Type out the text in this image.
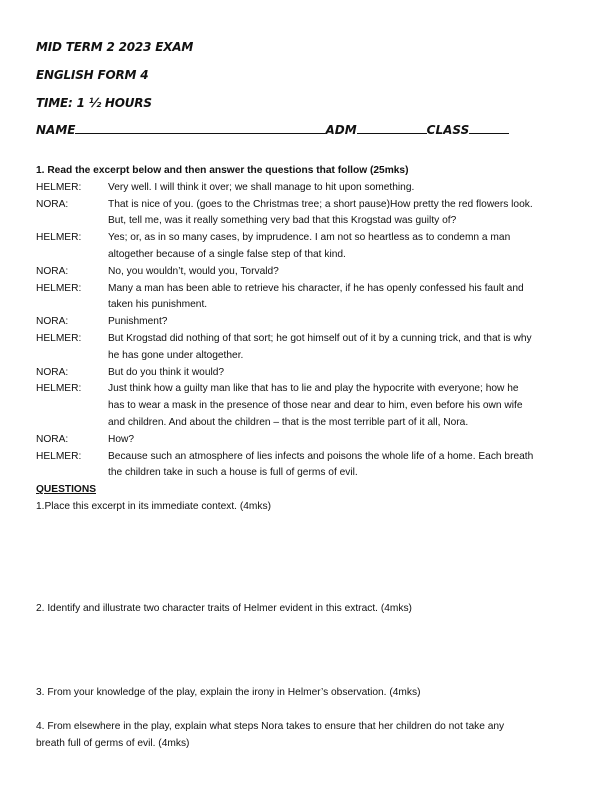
MID TERM 2 2023 EXAM
ENGLISH FORM 4
TIME: 1 ½ HOURS
NAME	ADM	CLASS
1. Read the excerpt below and then answer the questions that follow (25mks)
HELMER:	Very well. I will think it over; we shall manage to hit upon something.
NORA:	That is nice of you. (goes to the Christmas tree; a short pause)How pretty the red flowers look.
But, tell me, was it really something very bad that this Krogstad was guilty of?
HELMER:	Yes; or, as in so many cases, by imprudence. I am not so heartless as to condemn a man
altogether because of a single false step of that kind.
NORA:	No, you wouldn’t, would you, Torvald?
HELMER:	Many a man has been able to retrieve his character, if he has openly confessed his fault and
taken his punishment.
NORA:	Punishment?
HELMER:	But Krogstad did nothing of that sort; he got himself out of it by a cunning trick, and that is why
he has gone under altogether.
NORA:	But do you think it would?
HELMER:	Just think how a guilty man like that has to lie and play the hypocrite with everyone; how he
has to wear a mask in the presence of those near and dear to him, even before his own wife
and children. And about the children – that is the most terrible part of it all, Nora.
NORA:	How?
HELMER:	Because such an atmosphere of lies infects and poisons the whole life of a home. Each breath
the children take in such a house is full of germs of evil.
QUESTIONS
1.Place this excerpt in its immediate context. (4mks)
2. Identify and illustrate two character traits of Helmer evident in this extract. (4mks)
3. From your knowledge of the play, explain the irony in Helmer’s observation. (4mks)
4. From elsewhere in the play, explain what steps Nora takes to ensure that her children do not take any
breath full of germs of evil. (4mks)
